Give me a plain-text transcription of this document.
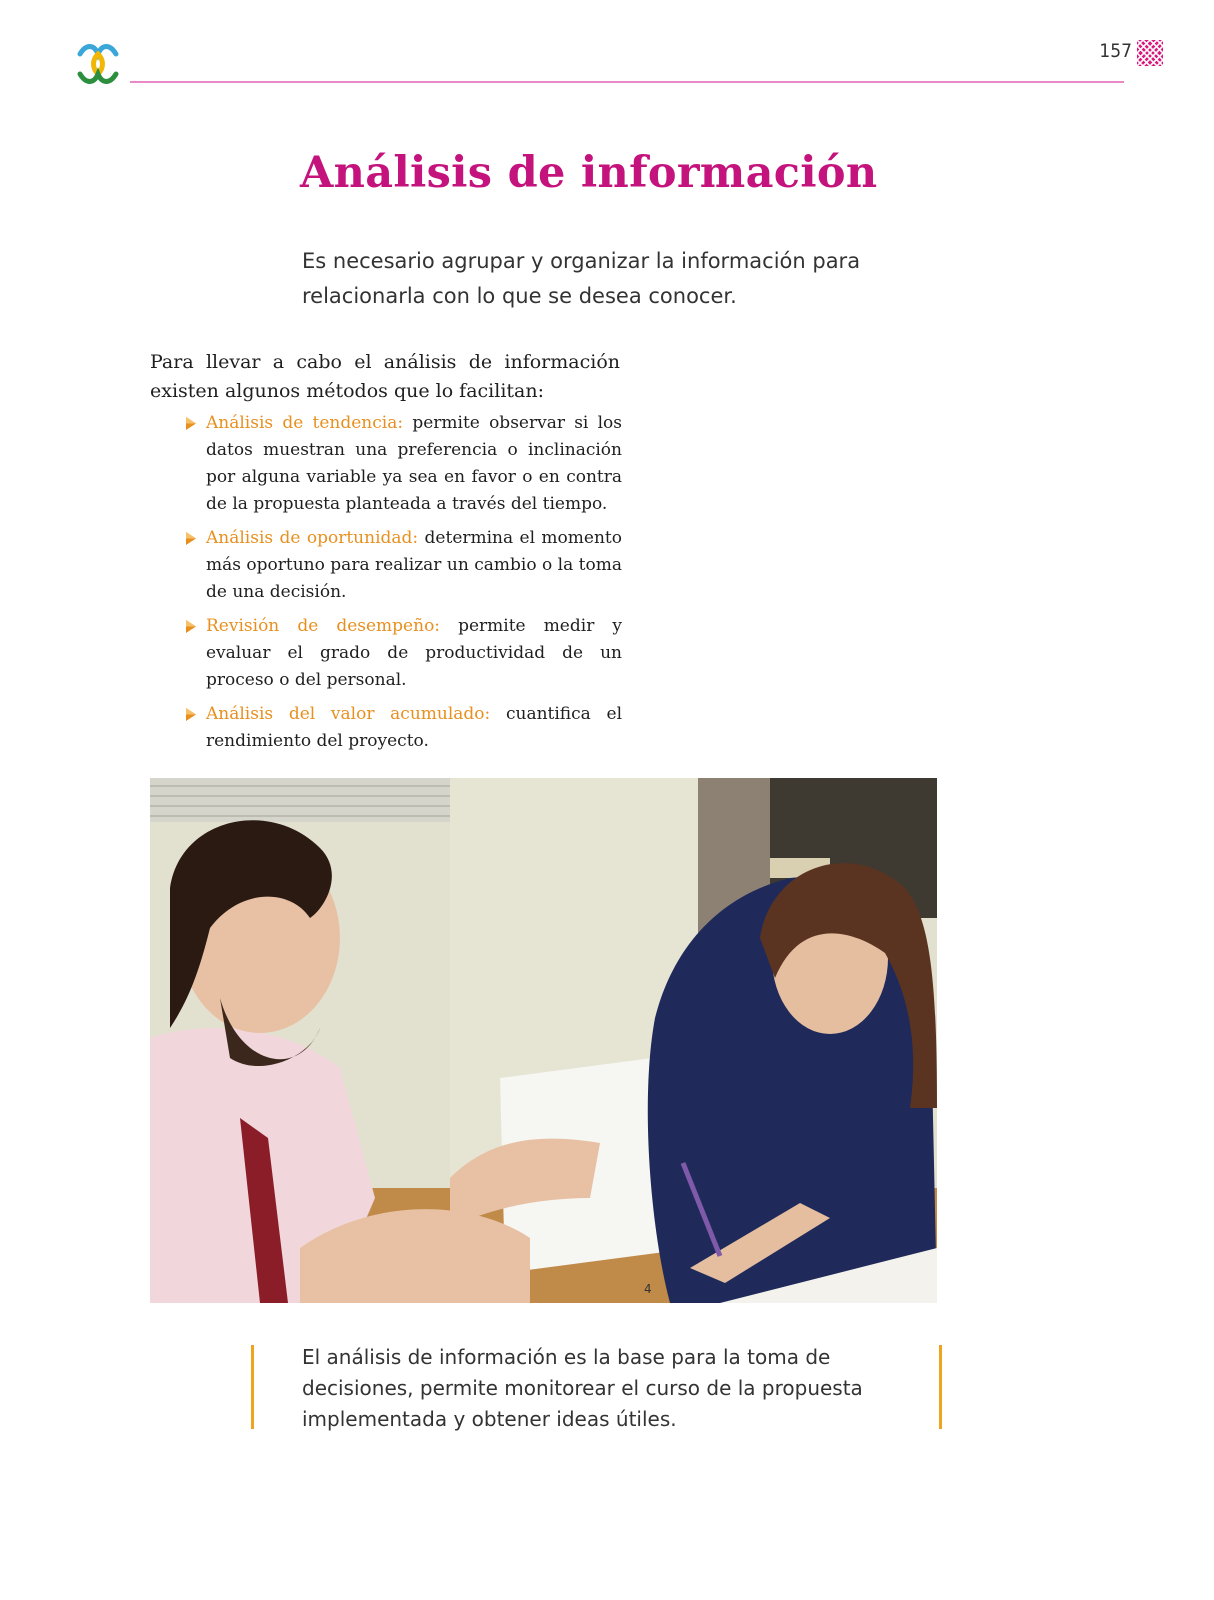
157
Análisis de información

Es necesario agrupar y organizar la información para relacionarla con lo que se desea conocer.

Para llevar a cabo el análisis de información existen algunos métodos que lo facilitan:

Análisis de tendencia: permite observar si los datos muestran una preferencia o inclinación por alguna variable ya sea en favor o en contra de la propuesta planteada a través del tiempo.
Análisis de oportunidad: determina el momento más oportuno para realizar un cambio o la toma de una decisión.
Revisión de desempeño: permite medir y evaluar el grado de productividad de un proceso o del personal.
Análisis del valor acumulado: cuantifica el rendimiento del proyecto.
4

El análisis de información es la base para la toma de decisiones, permite monitorear el curso de la propuesta implementada y obtener ideas útiles.
